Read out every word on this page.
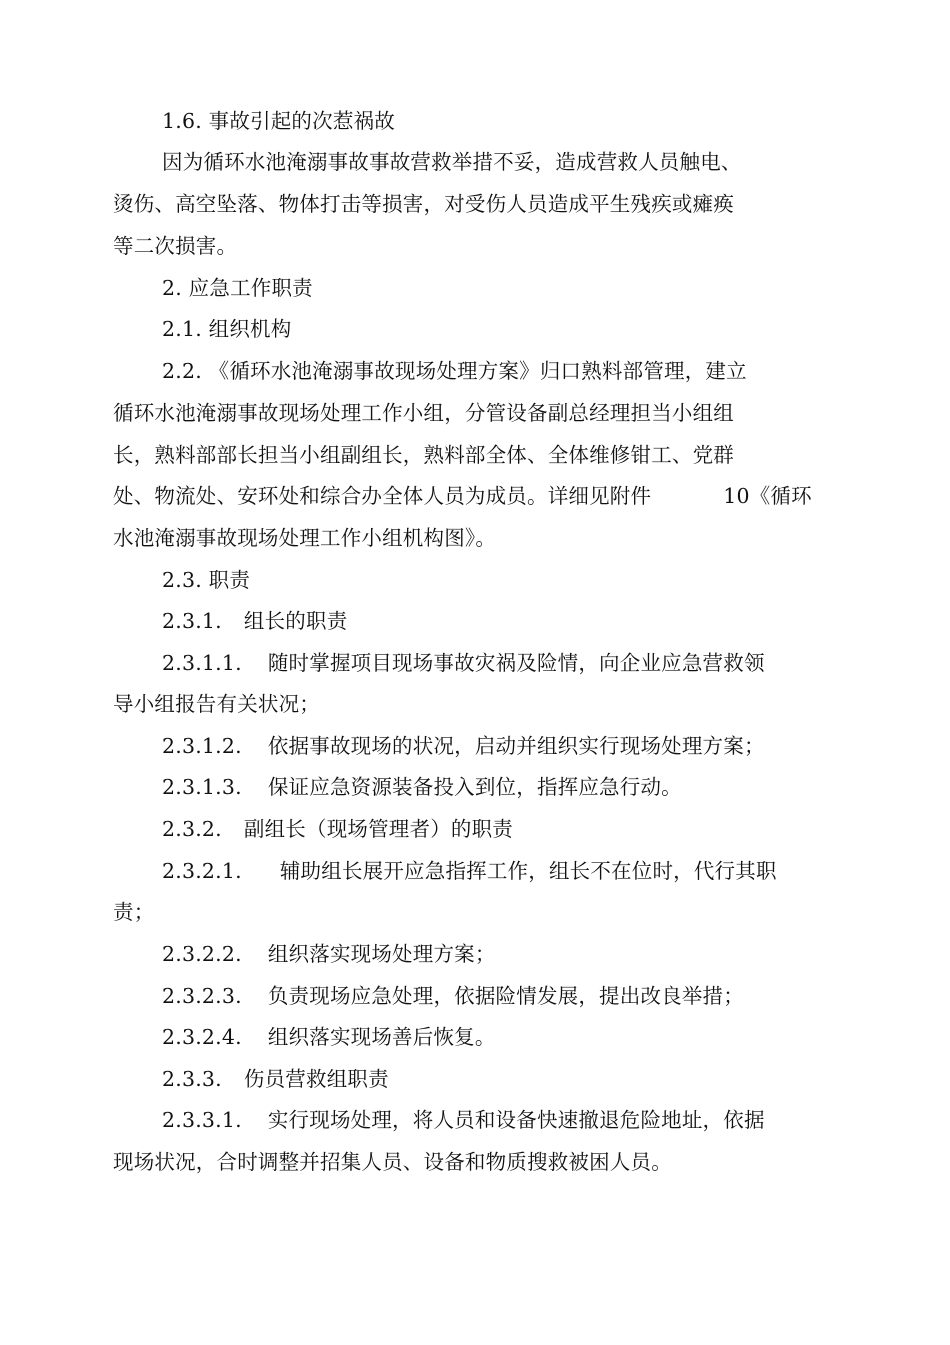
1.6. 事故引起的次惹祸故
因为循环水池淹溺事故事故营救举措不妥，造成营救人员触电、
烫伤、高空坠落、物体打击等损害，对受伤人员造成平生残疾或瘫痪
等二次损害。
2. 应急工作职责
2.1. 组织机构
2.2. 《循环水池淹溺事故现场处理方案》归口熟料部管理，建立
循环水池淹溺事故现场处理工作小组，分管设备副总经理担当小组组
长，熟料部部长担当小组副组长，熟料部全体、全体维修钳工、党群
处、物流处、安环处和综合办全体人员为成员。详细见附件	10《循环
水池淹溺事故现场处理工作小组机构图》。
2.3. 职责
2.3.1. 组长的职责
2.3.1.1. 随时掌握项目现场事故灾祸及险情，向企业应急营救领
导小组报告有关状况；
2.3.1.2. 依据事故现场的状况，启动并组织实行现场处理方案；
2.3.1.3. 保证应急资源装备投入到位，指挥应急行动。
2.3.2. 副组长（现场管理者）的职责
2.3.2.1. 辅助组长展开应急指挥工作，组长不在位时，代行其职
责；
2.3.2.2. 组织落实现场处理方案；
2.3.2.3. 负责现场应急处理，依据险情发展，提出改良举措；
2.3.2.4. 组织落实现场善后恢复。
2.3.3. 伤员营救组职责
2.3.3.1. 实行现场处理，将人员和设备快速撤退危险地址，依据
现场状况，合时调整并招集人员、设备和物质搜救被困人员。
